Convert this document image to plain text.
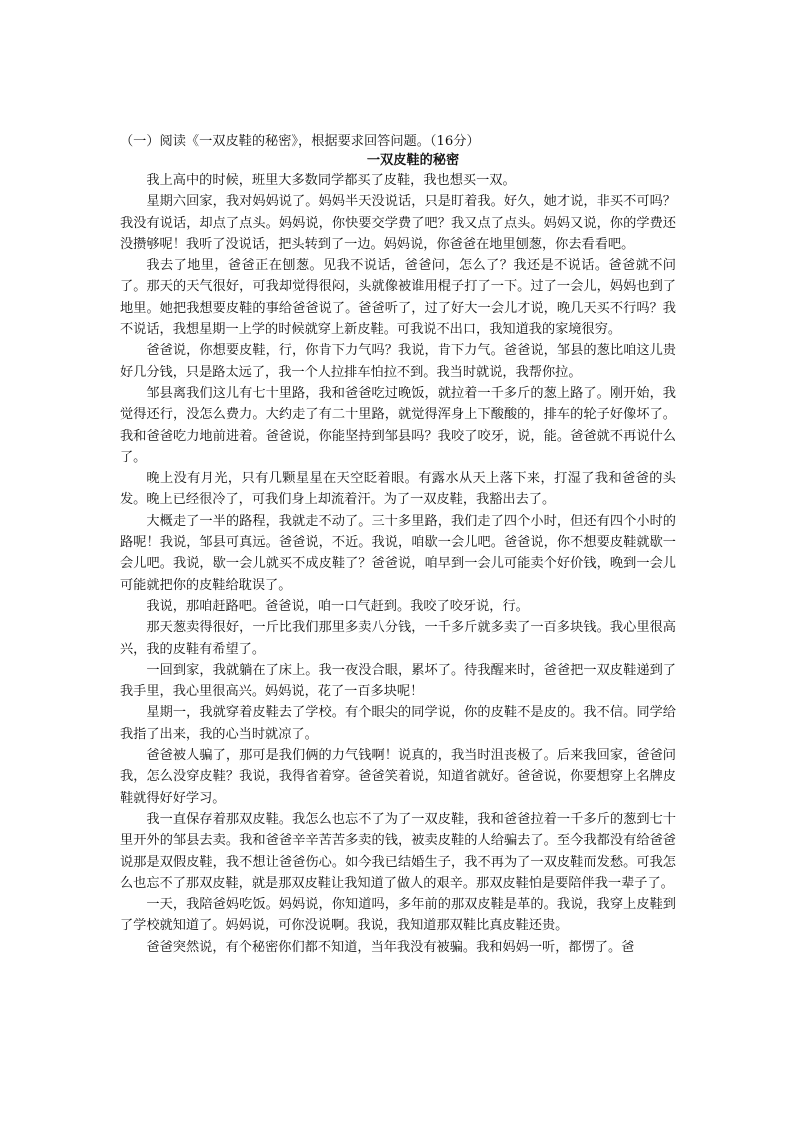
（一）阅读《一双皮鞋的秘密》，根据要求回答问题。（16分）

一双皮鞋的秘密

我上高中的时候，班里大多数同学都买了皮鞋，我也想买一双。

星期六回家，我对妈妈说了。妈妈半天没说话，只是盯着我。好久，她才说，非买不可吗？我没有说话，却点了点头。妈妈说，你快要交学费了吧？我又点了点头。妈妈又说，你的学费还没攒够呢！我听了没说话，把头转到了一边。妈妈说，你爸爸在地里刨葱，你去看看吧。

我去了地里，爸爸正在刨葱。见我不说话，爸爸问，怎么了？我还是不说话。爸爸就不问了。那天的天气很好，可我却觉得很闷，头就像被谁用棍子打了一下。过了一会儿，妈妈也到了地里。她把我想要皮鞋的事给爸爸说了。爸爸听了，过了好大一会儿才说，晚几天买不行吗？我不说话，我想星期一上学的时候就穿上新皮鞋。可我说不出口，我知道我的家境很穷。

爸爸说，你想要皮鞋，行，你肯下力气吗？我说，肯下力气。爸爸说，邹县的葱比咱这儿贵好几分钱，只是路太远了，我一个人拉排车怕拉不到。我当时就说，我帮你拉。

邹县离我们这儿有七十里路，我和爸爸吃过晚饭，就拉着一千多斤的葱上路了。刚开始，我觉得还行，没怎么费力。大约走了有二十里路，就觉得浑身上下酸酸的，排车的轮子好像坏了。我和爸爸吃力地前进着。爸爸说，你能坚持到邹县吗？我咬了咬牙，说，能。爸爸就不再说什么了。

晚上没有月光，只有几颗星星在天空眨着眼。有露水从天上落下来，打湿了我和爸爸的头发。晚上已经很冷了，可我们身上却流着汗。为了一双皮鞋，我豁出去了。

大概走了一半的路程，我就走不动了。三十多里路，我们走了四个小时，但还有四个小时的路呢！我说，邹县可真远。爸爸说，不近。我说，咱歇一会儿吧。爸爸说，你不想要皮鞋就歇一会儿吧。我说，歇一会儿就买不成皮鞋了？爸爸说，咱早到一会儿可能卖个好价钱，晚到一会儿可能就把你的皮鞋给耽误了。

我说，那咱赶路吧。爸爸说，咱一口气赶到。我咬了咬牙说，行。

那天葱卖得很好，一斤比我们那里多卖八分钱，一千多斤就多卖了一百多块钱。我心里很高兴，我的皮鞋有希望了。

一回到家，我就躺在了床上。我一夜没合眼，累坏了。待我醒来时，爸爸把一双皮鞋递到了我手里，我心里很高兴。妈妈说，花了一百多块呢！

星期一，我就穿着皮鞋去了学校。有个眼尖的同学说，你的皮鞋不是皮的。我不信。同学给我指了出来，我的心当时就凉了。

爸爸被人骗了，那可是我们俩的力气钱啊！说真的，我当时沮丧极了。后来我回家，爸爸问我，怎么没穿皮鞋？我说，我得省着穿。爸爸笑着说，知道省就好。爸爸说，你要想穿上名牌皮鞋就得好好学习。

我一直保存着那双皮鞋。我怎么也忘不了为了一双皮鞋，我和爸爸拉着一千多斤的葱到七十里开外的邹县去卖。我和爸爸辛辛苦苦多卖的钱，被卖皮鞋的人给骗去了。至今我都没有给爸爸说那是双假皮鞋，我不想让爸爸伤心。如今我已结婚生子，我不再为了一双皮鞋而发愁。可我怎么也忘不了那双皮鞋，就是那双皮鞋让我知道了做人的艰辛。那双皮鞋怕是要陪伴我一辈子了。

一天，我陪爸妈吃饭。妈妈说，你知道吗，多年前的那双皮鞋是革的。我说，我穿上皮鞋到了学校就知道了。妈妈说，可你没说啊。我说，我知道那双鞋比真皮鞋还贵。

爸爸突然说，有个秘密你们都不知道，当年我没有被骗。我和妈妈一听，都愣了。爸
